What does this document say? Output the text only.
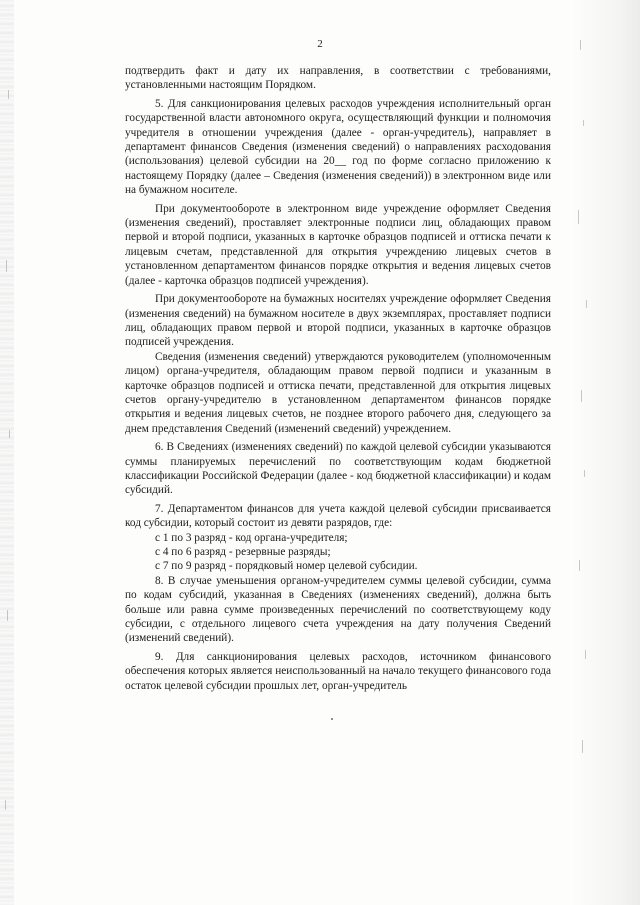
2

подтвердить факт и дату их направления, в соответствии с требованиями, установленными настоящим Порядком.

5. Для санкционирования целевых расходов учреждения исполнительный орган государственной власти автономного округа, осуществляющий функции и полномочия учредителя в отношении учреждения (далее - орган-учредитель), направляет в департамент финансов Сведения (изменения сведений) о направлениях расходования (использования) целевой субсидии на 20__ год по форме согласно приложению к настоящему Порядку (далее – Сведения (изменения сведений)) в электронном виде или на бумажном носителе.

При документообороте в электронном виде учреждение оформляет Сведения (изменения сведений), проставляет электронные подписи лиц, обладающих правом первой и второй подписи, указанных в карточке образцов подписей и оттиска печати к лицевым счетам, представленной для открытия учреждению лицевых счетов в установленном департаментом финансов порядке открытия и ведения лицевых счетов (далее - карточка образцов подписей учреждения).

При документообороте на бумажных носителях учреждение оформляет Сведения (изменения сведений) на бумажном носителе в двух экземплярах, проставляет подписи лиц, обладающих правом первой и второй подписи, указанных в карточке образцов подписей учреждения.

Сведения (изменения сведений) утверждаются руководителем (уполномоченным лицом) органа-учредителя, обладающим правом первой подписи и указанным в карточке образцов подписей и оттиска печати, представленной для открытия лицевых счетов органу-учредителю в установленном департаментом финансов порядке открытия и ведения лицевых счетов, не позднее второго рабочего дня, следующего за днем представления Сведений (изменений сведений) учреждением.

6. В Сведениях (изменениях сведений) по каждой целевой субсидии указываются суммы планируемых перечислений по соответствующим кодам бюджетной классификации Российской Федерации (далее - код бюджетной классификации) и кодам субсидий.

7. Департаментом финансов для учета каждой целевой субсидии присваивается код субсидии, который состоит из девяти разрядов, где:

с 1 по 3 разряд - код органа-учредителя;

с 4 по 6 разряд - резервные разряды;

с 7 по 9 разряд - порядковый номер целевой субсидии.

8. В случае уменьшения органом-учредителем суммы целевой субсидии, сумма по кодам субсидий, указанная в Сведениях (изменениях сведений), должна быть больше или равна сумме произведенных перечислений по соответствующему коду субсидии, с отдельного лицевого счета учреждения на дату получения Сведений (изменений сведений).

9. Для санкционирования целевых расходов, источником финансового обеспечения которых является неиспользованный на начало текущего финансового года остаток целевой субсидии прошлых лет, орган-учредитель
